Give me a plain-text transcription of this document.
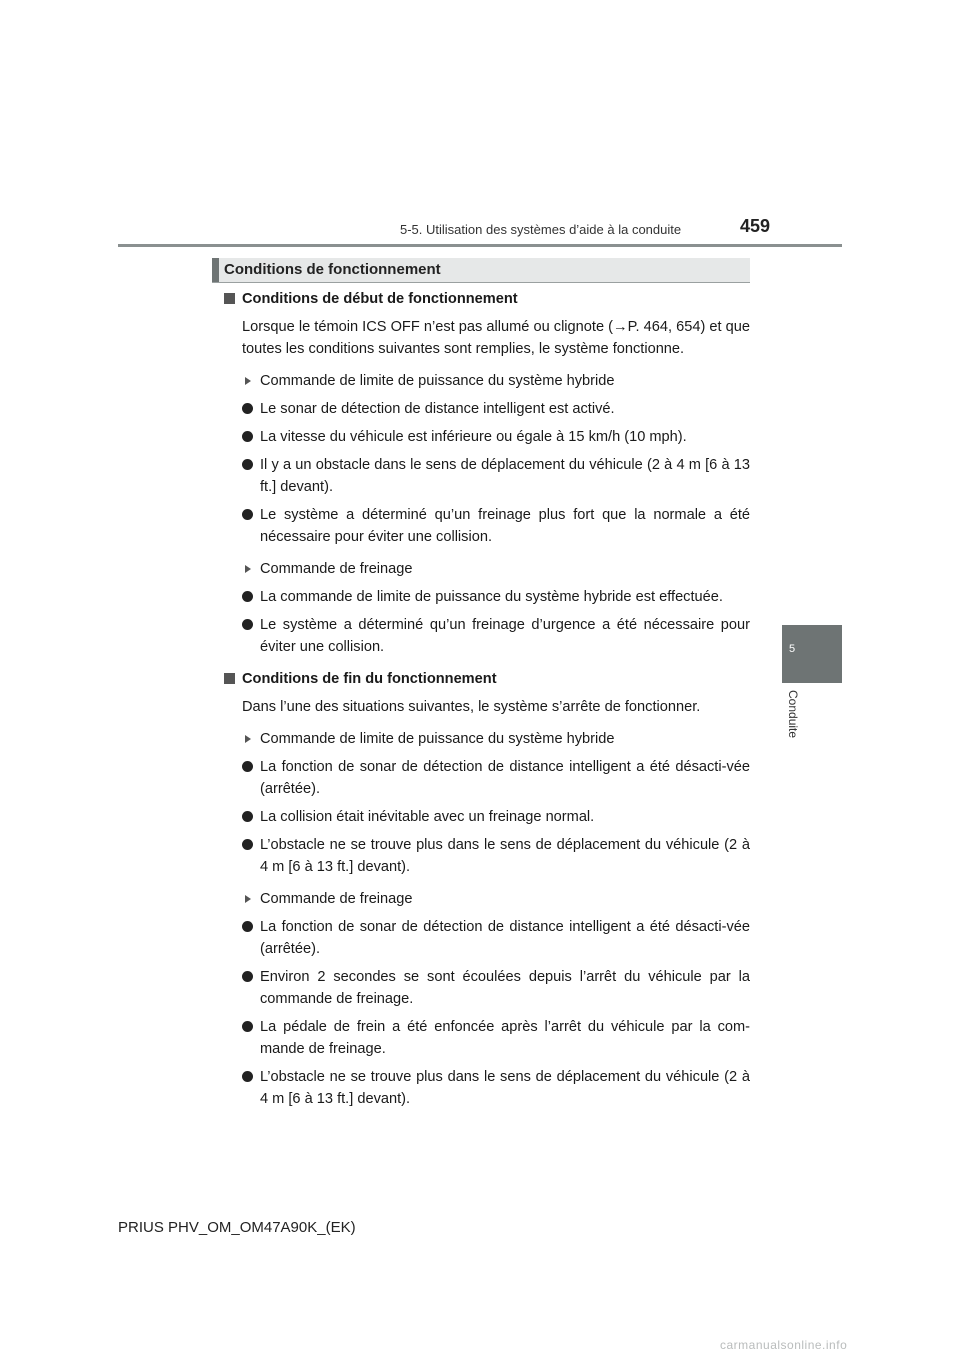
5-5. Utilisation des systèmes d’aide à la conduite	459
5
Conduite
Conditions de fonctionnement
Conditions de début de fonctionnement
Lorsque le témoin ICS OFF n’est pas allumé ou clignote (→P. 464, 654) et que toutes les conditions suivantes sont remplies, le système fonctionne.
Commande de limite de puissance du système hybride
Le sonar de détection de distance intelligent est activé.
La vitesse du véhicule est inférieure ou égale à 15 km/h (10 mph).
Il y a un obstacle dans le sens de déplacement du véhicule (2 à 4 m [6 à 13 ft.] devant).
Le système a déterminé qu’un freinage plus fort que la normale a été nécessaire pour éviter une collision.
Commande de freinage
La commande de limite de puissance du système hybride est effectuée.
Le système a déterminé qu’un freinage d’urgence a été nécessaire pour éviter une collision.
Conditions de fin du fonctionnement
Dans l’une des situations suivantes, le système s’arrête de fonctionner.
Commande de limite de puissance du système hybride
La fonction de sonar de détection de distance intelligent a été désacti-vée (arrêtée).
La collision était inévitable avec un freinage normal.
L’obstacle ne se trouve plus dans le sens de déplacement du véhicule (2 à 4 m [6 à 13 ft.] devant).
Commande de freinage
La fonction de sonar de détection de distance intelligent a été désacti-vée (arrêtée).
Environ 2 secondes se sont écoulées depuis l’arrêt du véhicule par la commande de freinage.
La pédale de frein a été enfoncée après l’arrêt du véhicule par la com-mande de freinage.
L’obstacle ne se trouve plus dans le sens de déplacement du véhicule (2 à 4 m [6 à 13 ft.] devant).
PRIUS PHV_OM_OM47A90K_(EK)
carmanualsonline.info
